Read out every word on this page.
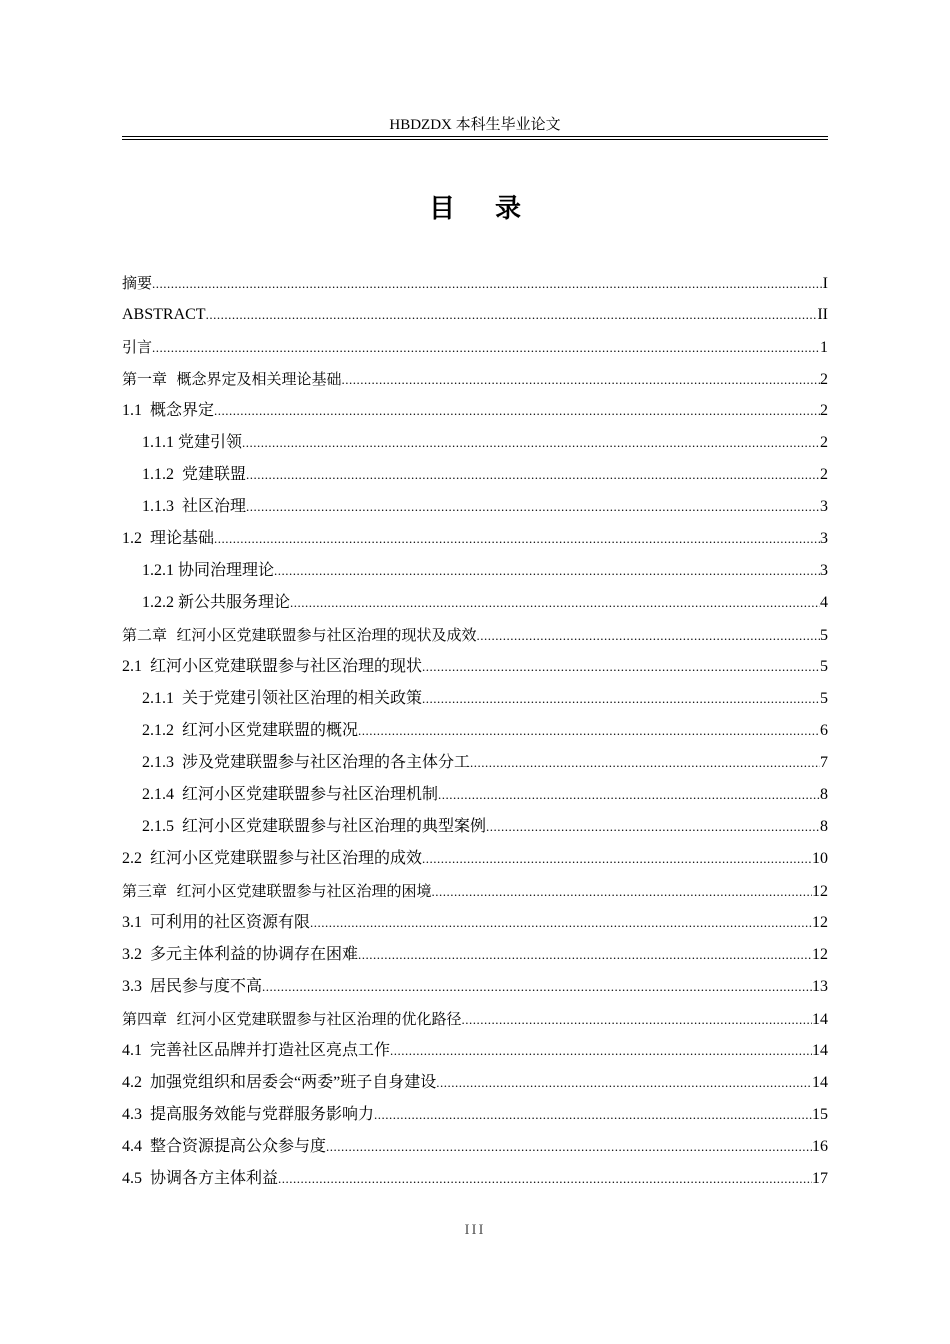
HBDZDX 本科生毕业论文
目录
摘要 .....	I
ABSTRACT .....	II
引言 .....	1
第一章  概念界定及相关理论基础 .....	2
1.1  概念界定 .....	2
1.1.1 党建引领 .....	2
1.1.2  党建联盟 .....	2
1.1.3  社区治理 .....	3
1.2  理论基础 .....	3
1.2.1 协同治理理论 .....	3
1.2.2 新公共服务理论 .....	4
第二章  红河小区党建联盟参与社区治理的现状及成效 .....	5
2.1  红河小区党建联盟参与社区治理的现状 .....	5
2.1.1  关于党建引领社区治理的相关政策 .....	5
2.1.2  红河小区党建联盟的概况 .....	6
2.1.3  涉及党建联盟参与社区治理的各主体分工 .....	7
2.1.4  红河小区党建联盟参与社区治理机制 .....	8
2.1.5  红河小区党建联盟参与社区治理的典型案例 .....	8
2.2  红河小区党建联盟参与社区治理的成效 .....	10
第三章  红河小区党建联盟参与社区治理的困境 .....	12
3.1  可利用的社区资源有限 .....	12
3.2  多元主体利益的协调存在困难 .....	12
3.3  居民参与度不高 .....	13
第四章  红河小区党建联盟参与社区治理的优化路径 .....	14
4.1  完善社区品牌并打造社区亮点工作 .....	14
4.2  加强党组织和居委会“两委”班子自身建设 .....	14
4.3  提高服务效能与党群服务影响力 .....	15
4.4  整合资源提高公众参与度 .....	16
4.5  协调各方主体利益 .....	17
III
